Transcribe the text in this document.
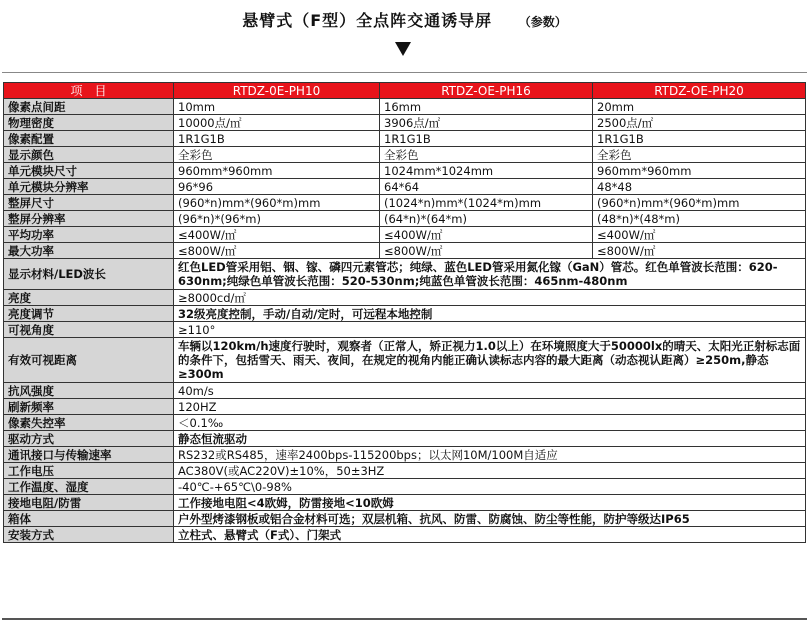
悬臂式（F型）全点阵交通诱导屏 （参数）
项　目	RTDZ-0E-PH10	RTDZ-OE-PH16	RTDZ-OE-PH20
像素点间距	10mm	16mm	20mm
物理密度	10000点/㎡	3906点/㎡	2500点/㎡
像素配置	1R1G1B	1R1G1B	1R1G1B
显示颜色	全彩色	全彩色	全彩色
单元模块尺寸	960mm*960mm	1024mm*1024mm	960mm*960mm
单元模块分辨率	96*96	64*64	48*48
整屏尺寸	(960*n)mm*(960*m)mm	(1024*n)mm*(1024*m)mm	(960*n)mm*(960*m)mm
整屏分辨率	(96*n)*(96*m)	(64*n)*(64*m)	(48*n)*(48*m)
平均功率	≤400W/㎡	≤400W/㎡	≤400W/㎡
最大功率	≤800W/㎡	≤800W/㎡	≤800W/㎡
显示材料/LED波长	红色LED管采用铝、铟、镓、磷四元素管芯；纯绿、蓝色LED管采用氮化镓（GaN）管芯。红色单管波长范围：620-630nm;纯绿色单管波长范围：520-530nm;纯蓝色单管波长范围：465nm-480nm		
亮度	≥8000cd/㎡		
亮度调节	32级亮度控制，手动/自动/定时，可远程本地控制		
可视角度	≥110°		
有效可视距离	车辆以120km/h速度行驶时，观察者（正常人，矫正视力1.0以上）在环境照度大于50000lx的晴天、太阳光正射标志面的条件下，包括雪天、雨天、夜间，在规定的视角内能正确认读标志内容的最大距离（动态视认距离）≥250m,静态≥300m		
抗风强度	40m/s		
刷新频率	120HZ		
像素失控率	＜0.1‰		
驱动方式	静态恒流驱动		
通讯接口与传输速率	RS232或RS485，速率2400bps-115200bps；以太网10M/100M自适应		
工作电压	AC380V(或AC220V)±10%，50±3HZ		
工作温度、湿度	-40℃-+65℃\0-98%		
接地电阻/防雷	工作接地电阻<4欧姆，防雷接地<10欧姆		
箱体	户外型烤漆钢板或铝合金材料可选；双层机箱、抗风、防雷、防腐蚀、防尘等性能，防护等级达IP65		
安装方式	立柱式、悬臂式（F式）、门架式		
